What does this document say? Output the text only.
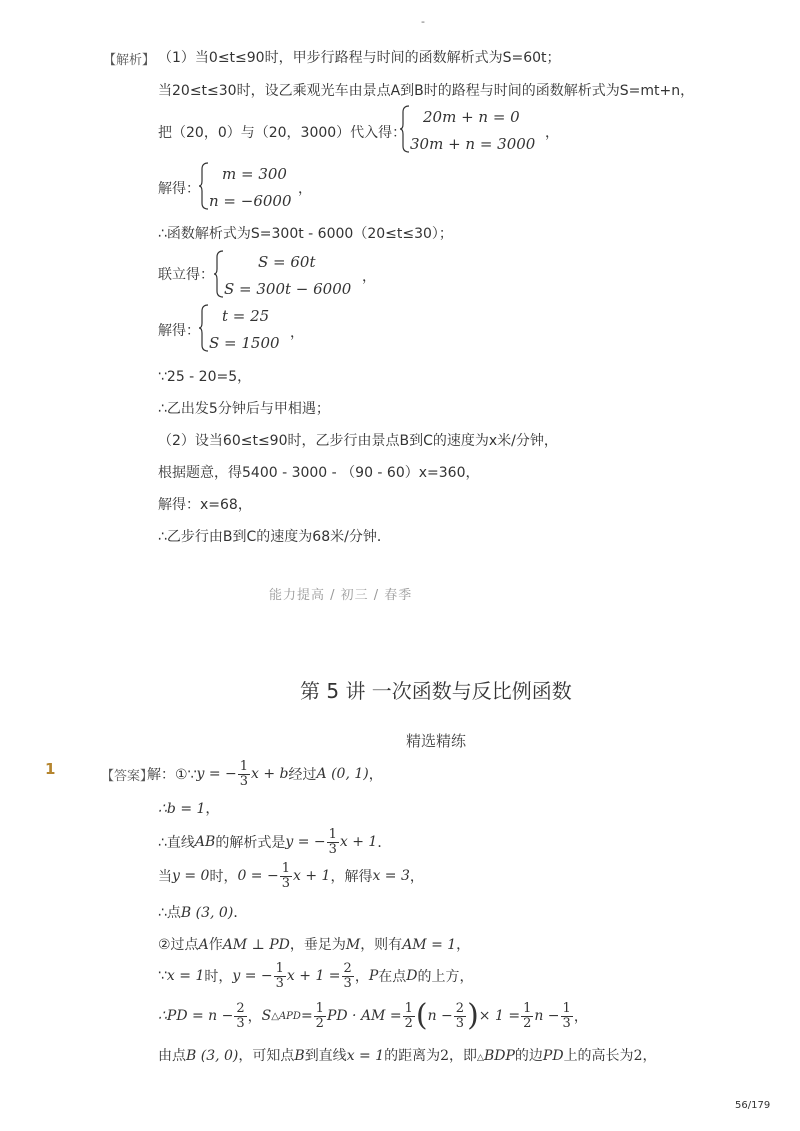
-
【解析】 （1）当0≤t≤90时，甲步行路程与时间的函数解析式为S=60t；
当20≤t≤30时，设乙乘观光车由景点A到B时的路程与时间的函数解析式为S=mt+n，
把（20，0）与（20，3000）代入得：
20m + n = 0
30m + n = 3000
，
解得：
m = 300
n = −6000
，
∴函数解析式为S=300t - 6000（20≤t≤30）；
联立得：
S = 60t
S = 300t − 6000
，
解得：
t = 25
S = 1500
，
∵25 - 20=5，
∴乙出发5分钟后与甲相遇；
（2）设当60≤t≤90时，乙步行由景点B到C的速度为x米/分钟，
根据题意，得5400 - 3000 - （90 - 60）x=360，
解得：x=68，
∴乙步行由B到C的速度为68米/分钟．
能力提高 / 初三 / 春季
第 5 讲 一次函数与反比例函数
精选精练
1	【答案】
解：①∵ y = − $\frac{1}{3}$ x + b 经过 A (0, 1) ，
∴b = 1，
∴直线 AB 的解析式是 y = − $\frac{1}{3}$ x + 1 ．
当 y = 0 时， 0 = − $\frac{1}{3}$ x + 1 ，解得 x = 3 ，
∴点B (3, 0)．
②过点A作AM ⊥ PD，垂足为M，则有AM = 1，
∵ x = 1 时， y = − $\frac{1}{3}$ $x + 1 = \frac{2}{3}$ ， P 在点 D 的上方，
∴PD = $n - \frac{2}{3}$ ， S △APD = $\frac{1}{2}$ PD · AM = $\frac{1}{2}$ ( $n - \frac{2}{3}$ ) × $1 = \frac{1}{2}$ $n - \frac{1}{3}$ ，
由点B (3, 0)，可知点B到直线x = 1的距离为2，即△BDP的边PD上的高长为2，
56/179
